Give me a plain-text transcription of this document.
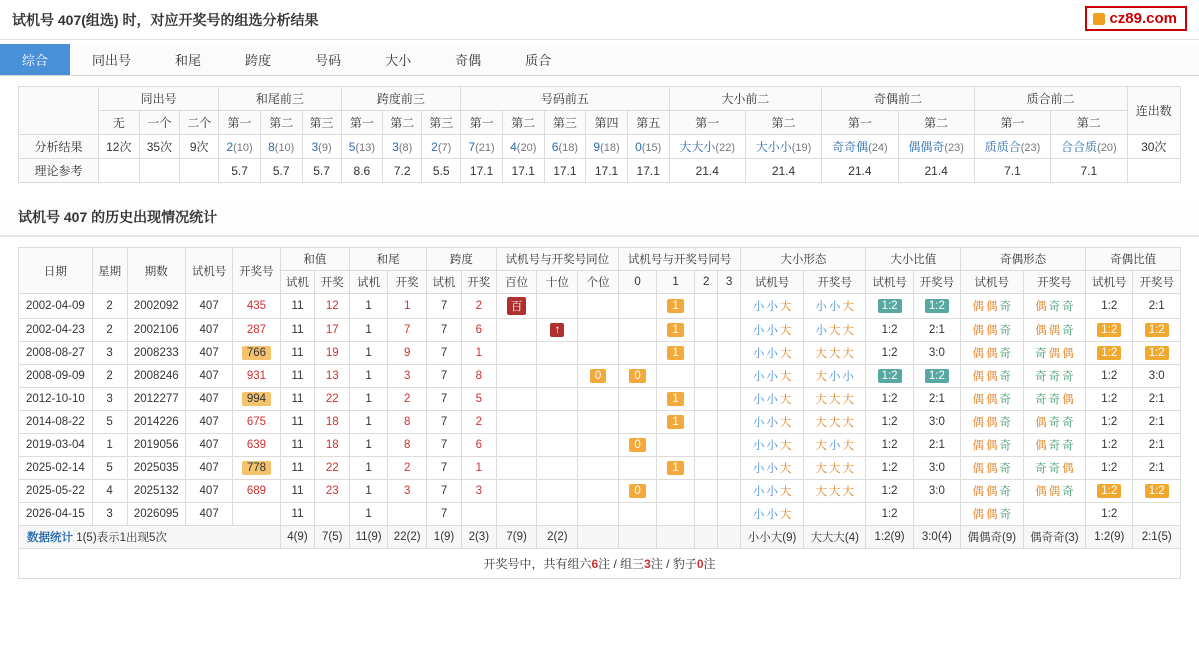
试机号 407(组选) 时，对应开奖号的组选分析结果	cz89.com
综合	同出号	和尾	跨度	号码	大小	奇偶	质合
	同出号			和尾前三			跨度前三			号码前五					大小前二		奇偶前二		质合前二		连出数
	无	一个	二个	第一	第二	第三	第一	第二	第三	第一	第二	第三	第四	第五	第一	第二	第一	第二	第一	第二	
分析结果	12次	35次	9次	2(10)	8(10)	3(9)	5(13)	3(8)	2(7)	7(21)	4(20)	6(18)	9(18)	0(15)	大大小(22)	大小小(19)	奇奇偶(24)	偶偶奇(23)	质质合(23)	合合质(20)	30次
理论参考				5.7	5.7	5.7	8.6	7.2	5.5	17.1	17.1	17.1	17.1	17.1	21.4	21.4	21.4	21.4	7.1	7.1	
试机号 407 的历史出现情况统计
日期	星期	期数	试机号	开奖号	和值		和尾		跨度		试机号与开奖号同位			试机号与开奖号同号				大小形态		大小比值		奇偶形态		奇偶比值	
					试机	开奖	试机	开奖	试机	开奖	百位	十位	个位	0	1	2	3	试机号	开奖号	试机号	开奖号	试机号	开奖号	试机号	开奖号
2002-04-09	2	2002092	407	435	11	12	1	1	7	2	百				1			小 小 大	小 小 大	1:2	1:2	偶 偶 奇	偶 奇 奇	1:2	2:1
2002-04-23	2	2002106	407	287	11	17	1	7	7	6		↑			1			小 小 大	小 大 大	1:2	2:1	偶 偶 奇	偶 偶 奇	1:2	1:2
2008-08-27	3	2008233	407	766	11	19	1	9	7	1					1			小 小 大	大 大 大	1:2	3:0	偶 偶 奇	奇 偶 偶	1:2	1:2
2008-09-09	2	2008246	407	931	11	13	1	3	7	8			0	0				小 小 大	大 小 小	1:2	1:2	偶 偶 奇	奇 奇 奇	1:2	3:0
2012-10-10	3	2012277	407	994	11	22	1	2	7	5					1			小 小 大	大 大 大	1:2	2:1	偶 偶 奇	奇 奇 偶	1:2	2:1
2014-08-22	5	2014226	407	675	11	18	1	8	7	2					1			小 小 大	大 大 大	1:2	3:0	偶 偶 奇	偶 奇 奇	1:2	2:1
2019-03-04	1	2019056	407	639	11	18	1	8	7	6				0				小 小 大	大 小 大	1:2	2:1	偶 偶 奇	偶 奇 奇	1:2	2:1
2025-02-14	5	2025035	407	778	11	22	1	2	7	1					1			小 小 大	大 大 大	1:2	3:0	偶 偶 奇	奇 奇 偶	1:2	2:1
2025-05-22	4	2025132	407	689	11	23	1	3	7	3				0				小 小 大	大 大 大	1:2	3:0	偶 偶 奇	偶 偶 奇	1:2	1:2
2026-04-15	3	2026095	407		11		1		7									小 小 大		1:2		偶 偶 奇		1:2	
数据统计 1(5)表示1出现5次					4(9)	7(5)	11(9)	22(2)	1(9)	2(3)	7(9)	2(2)						小小大(9)	大大大(4)	1:2(9)	3:0(4)	偶偶奇(9)	偶奇奇(3)	1:2(9)	2:1(5)
开奖号中，共有组六6注 / 组三3注 / 豹子0注
